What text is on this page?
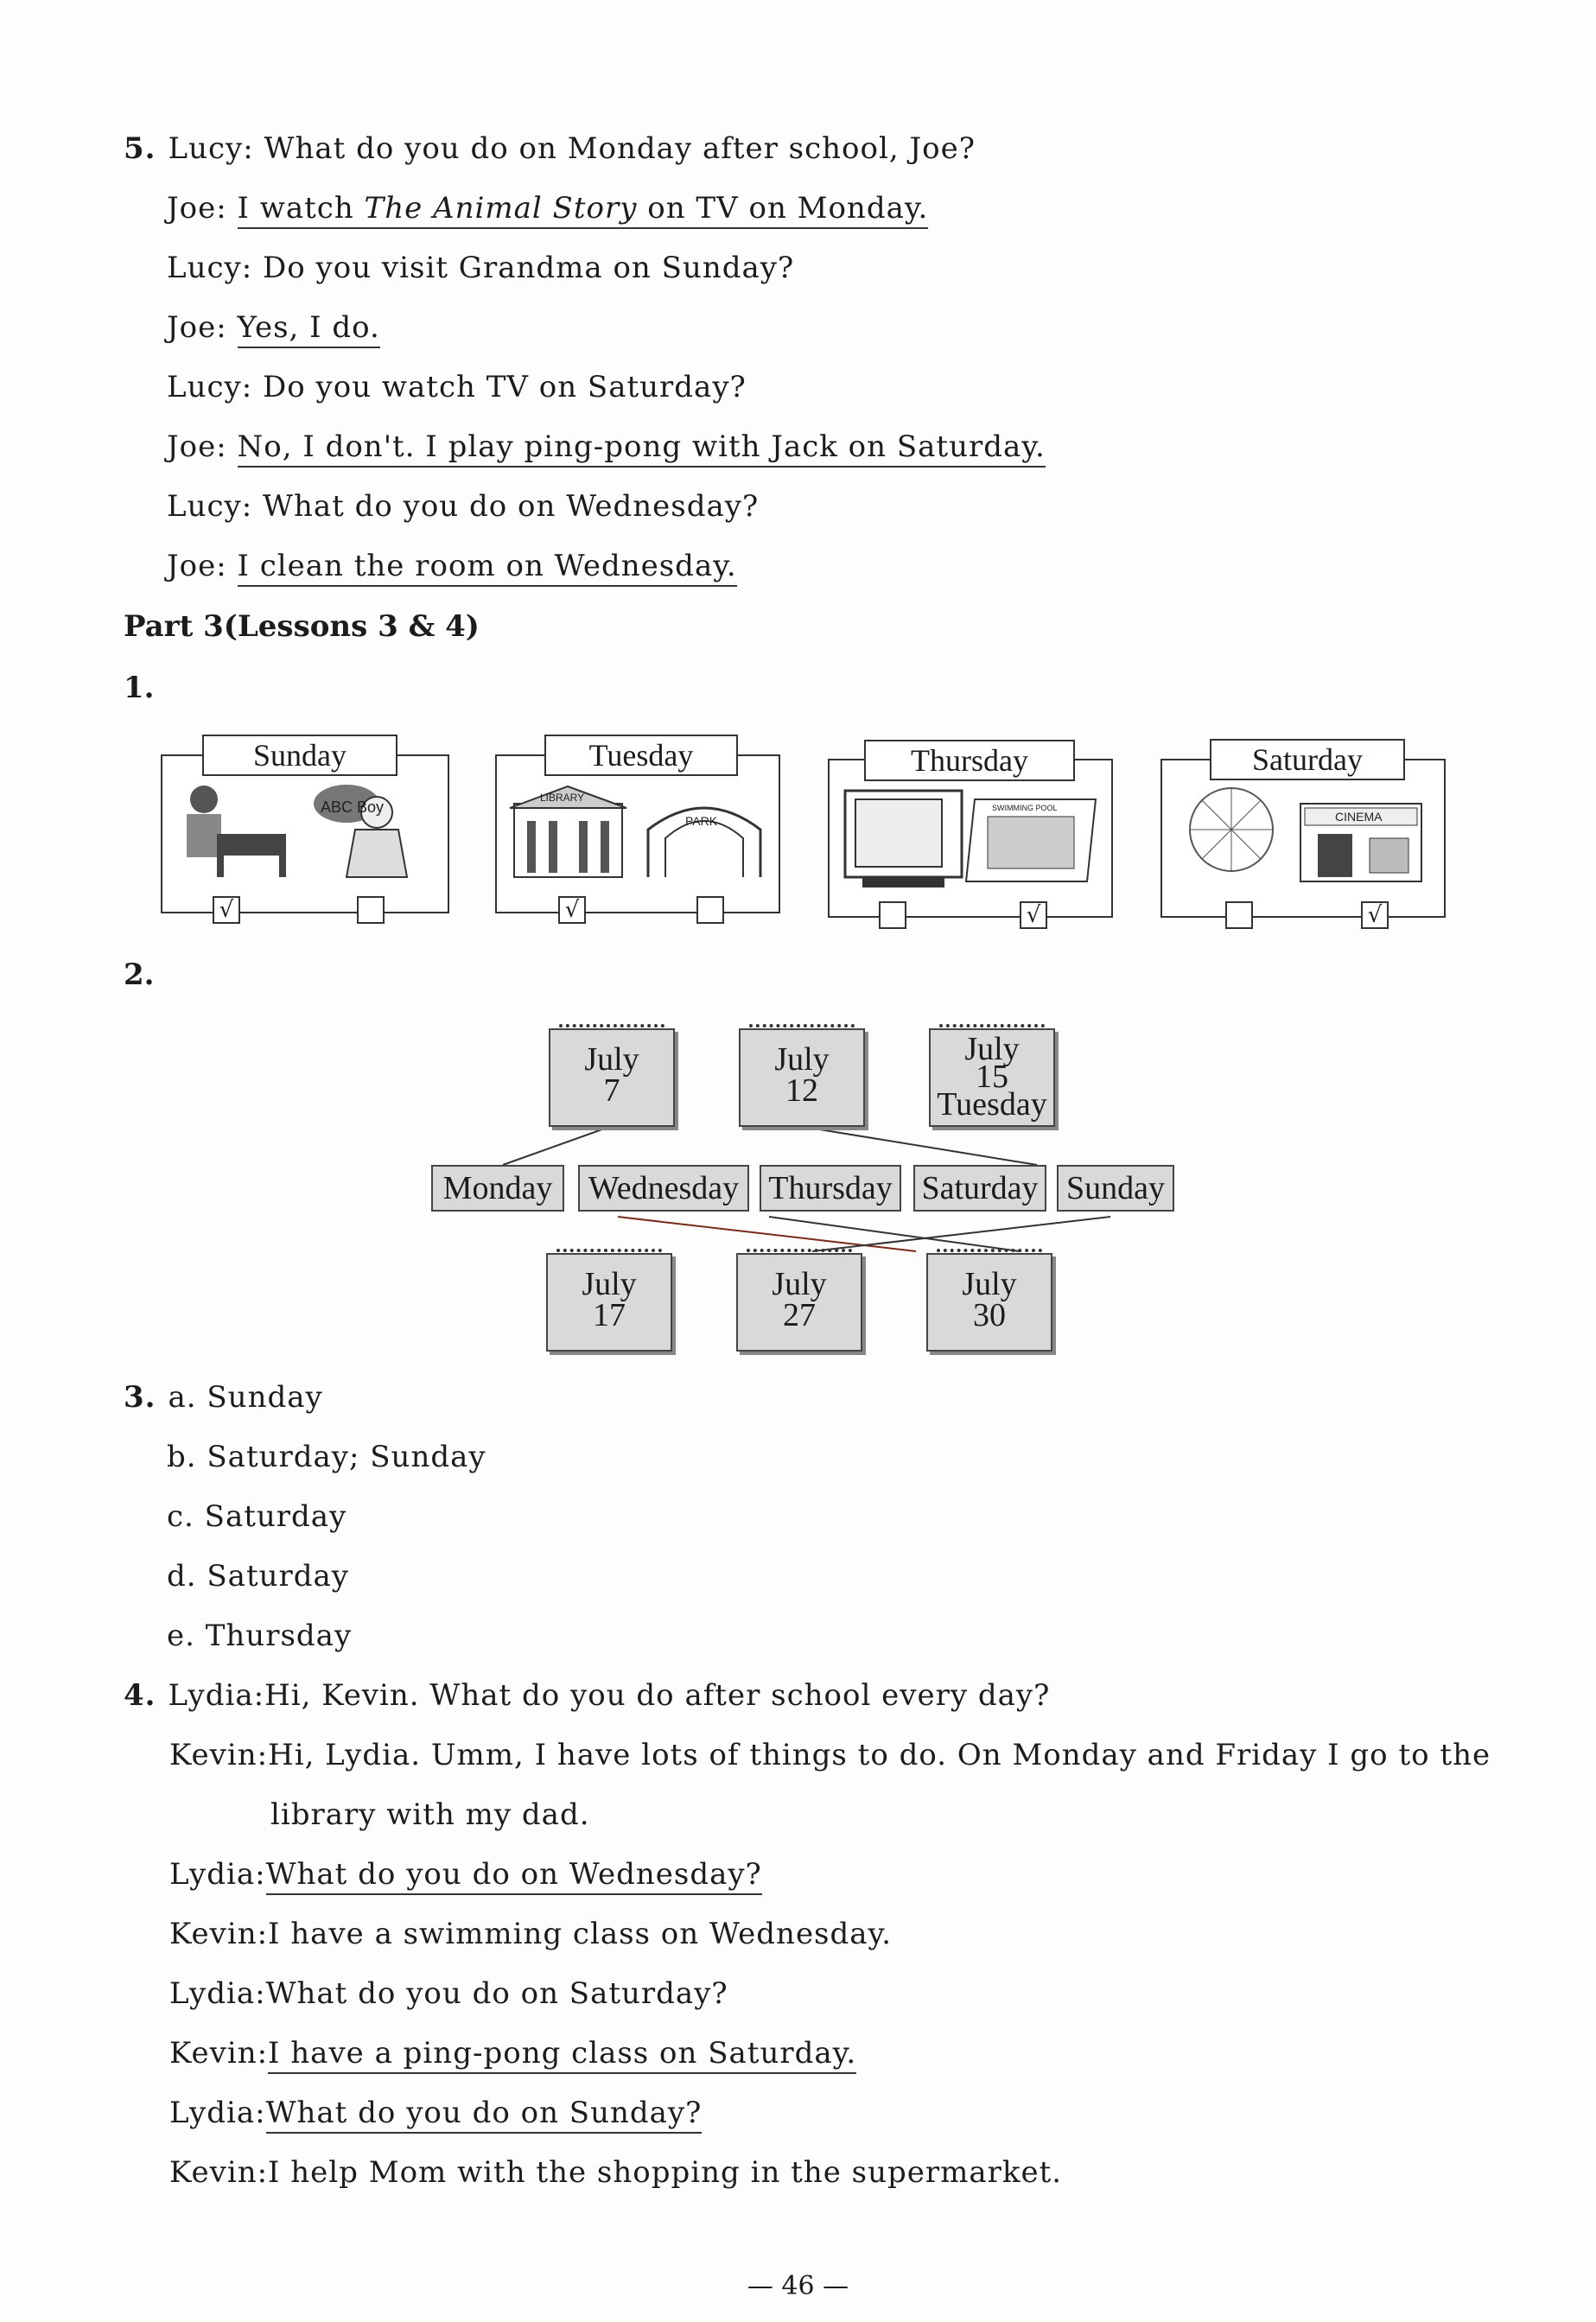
5. Lucy: What do you do on Monday after school, Joe?
Joe: I watch The Animal Story on TV on Monday.
Lucy: Do you visit Grandma on Sunday?
Joe: Yes, I do.
Lucy: Do you watch TV on Saturday?
Joe: No, I don't. I play ping-pong with Jack on Saturday.
Lucy: What do you do on Wednesday?
Joe: I clean the room on Wednesday.
Part 3(Lessons 3 & 4)
1.
Sunday
ABC Boy
√
Tuesday
LIBRARY
PARK
√
Thursday
SWIMMING POOL
√
Saturday
CINEMA
√
2.
July
7
July
12
July
15
Tuesday
Monday	Wednesday Thursday Saturday Sunday
July
17
July
27
July
30
3. a. Sunday
b. Saturday; Sunday
c. Saturday
d. Saturday
e. Thursday
4. Lydia:Hi, Kevin. What do you do after school every day?
Kevin:Hi, Lydia. Umm, I have lots of things to do. On Monday and Friday I go to the
library with my dad.
Lydia:What do you do on Wednesday?
Kevin:I have a swimming class on Wednesday.
Lydia:What do you do on Saturday?
Kevin:I have a ping-pong class on Saturday.
Lydia:What do you do on Sunday?
Kevin:I help Mom with the shopping in the supermarket.
— 46 —
